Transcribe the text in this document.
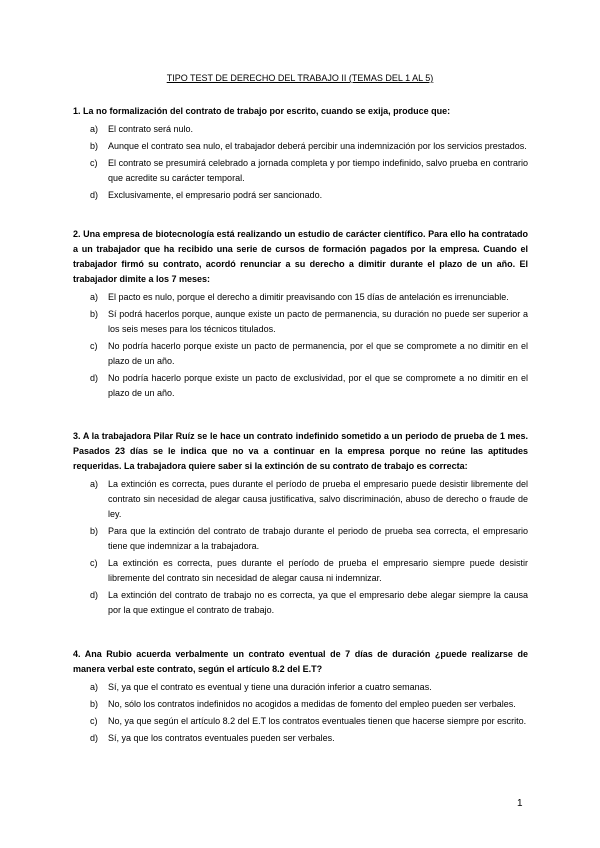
TIPO TEST DE DERECHO DEL TRABAJO II (TEMAS DEL 1 AL 5)

1. La no formalización del contrato de trabajo por escrito, cuando se exija, produce que:

a) El contrato será nulo.
b) Aunque el contrato sea nulo, el trabajador deberá percibir una indemnización por los servicios prestados.
c) El contrato se presumirá celebrado a jornada completa y por tiempo indefinido, salvo prueba en contrario que acredite su carácter temporal.
d) Exclusivamente, el empresario podrá ser sancionado.

2. Una empresa de biotecnología está realizando un estudio de carácter científico. Para ello ha contratado a un trabajador que ha recibido una serie de cursos de formación pagados por la empresa. Cuando el trabajador firmó su contrato, acordó renunciar a su derecho a dimitir durante el plazo de un año. El trabajador dimite a los 7 meses:

a) El pacto es nulo, porque el derecho a dimitir preavisando con 15 días de antelación es irrenunciable.
b) Sí podrá hacerlos porque, aunque existe un pacto de permanencia, su duración no puede ser superior a los seis meses para los técnicos titulados.
c) No podría hacerlo porque existe un pacto de permanencia, por el que se compromete a no dimitir en el plazo de un año.
d) No podría hacerlo porque existe un pacto de exclusividad, por el que se compromete a no dimitir en el plazo de un año.

3. A la trabajadora Pilar Ruíz se le hace un contrato indefinido sometido a un periodo de prueba de 1 mes. Pasados 23 días se le indica que no va a continuar en la empresa porque no reúne las aptitudes requeridas. La trabajadora quiere saber si la extinción de su contrato de trabajo es correcta:

a) La extinción es correcta, pues durante el período de prueba el empresario puede desistir libremente del contrato sin necesidad de alegar causa justificativa, salvo discriminación, abuso de derecho o fraude de ley.
b) Para que la extinción del contrato de trabajo durante el periodo de prueba sea correcta, el empresario tiene que indemnizar a la trabajadora.
c) La extinción es correcta, pues durante el período de prueba el empresario siempre puede desistir libremente del contrato sin necesidad de alegar causa ni indemnizar.
d) La extinción del contrato de trabajo no es correcta, ya que el empresario debe alegar siempre la causa por la que extingue el contrato de trabajo.

4. Ana Rubio acuerda verbalmente un contrato eventual de 7 días de duración ¿puede realizarse de manera verbal este contrato, según el artículo 8.2 del E.T?

a) Sí, ya que el contrato es eventual y tiene una duración inferior a cuatro semanas.
b) No, sólo los contratos indefinidos no acogidos a medidas de fomento del empleo pueden ser verbales.
c) No, ya que según el artículo 8.2 del E.T los contratos eventuales tienen que hacerse siempre por escrito.
d) Sí, ya que los contratos eventuales pueden ser verbales.
1
